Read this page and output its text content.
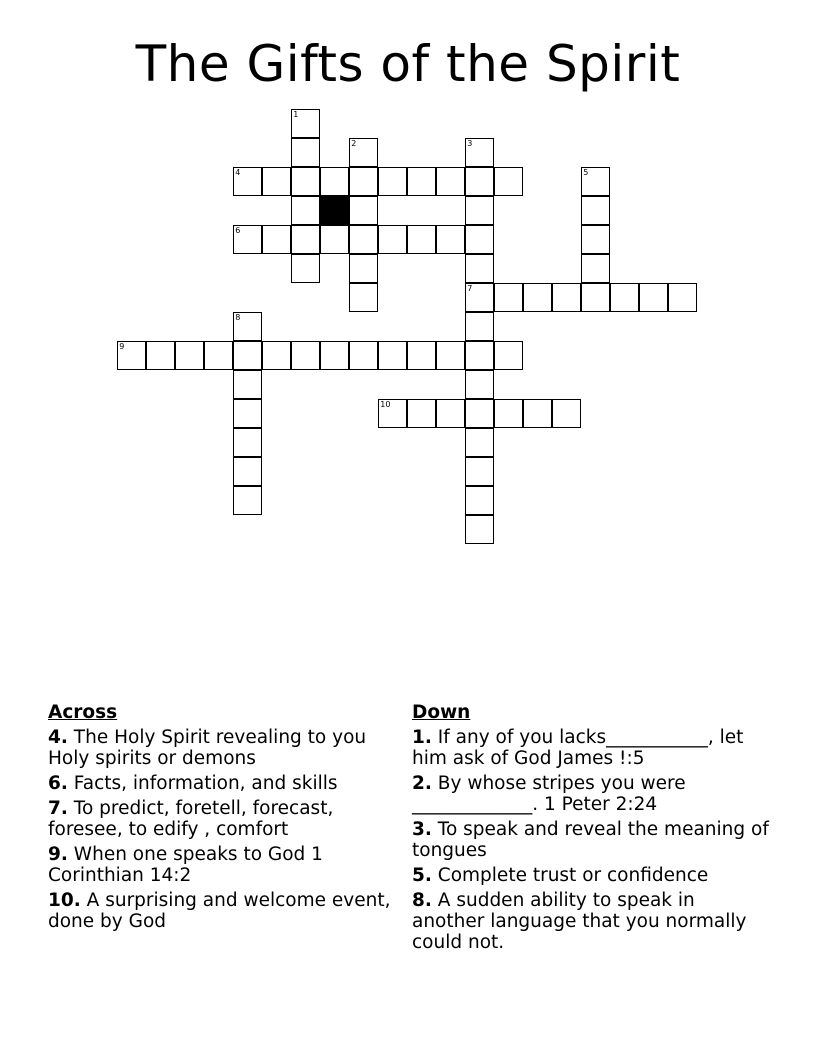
The Gifts of the Spirit
1
2	3
7
4	5
6
8
9
10
Across
4. The Holy Spirit revealing to you Holy spirits or demons
6. Facts, information, and skills
7. To predict, foretell, forecast, foresee, to edify , comfort
9. When one speaks to God 1 Corinthian 14:2
10. A surprising and welcome event, done by God
Down
1. If any of you lacks___________, let him ask of God James !:5
2. By whose stripes you were _____________. 1 Peter 2:24
3. To speak and reveal the meaning of tongues
5. Complete trust or confidence
8. A sudden ability to speak in another language that you normally could not.
